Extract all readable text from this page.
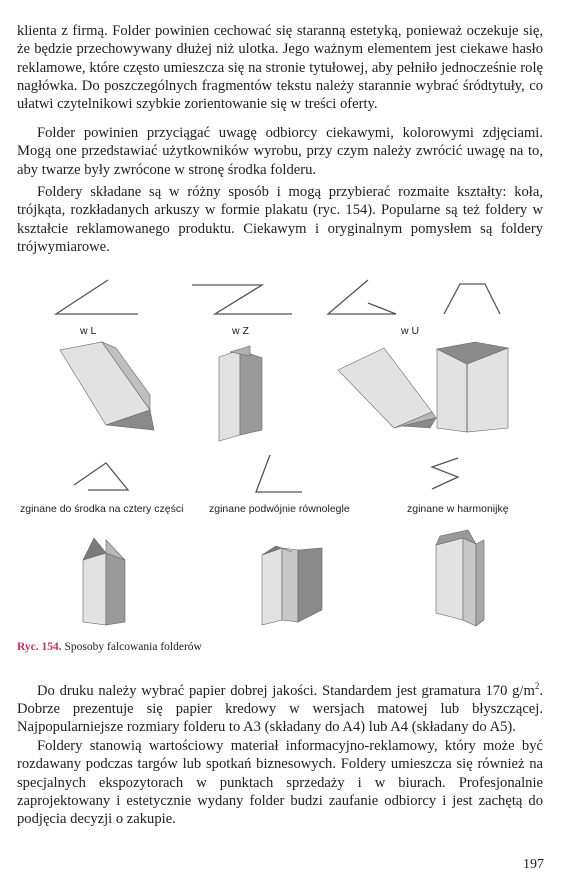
klienta z firmą. Folder powinien cechować się staranną estetyką, ponieważ oczekuje się, że będzie przechowywany dłużej niż ulotka. Jego ważnym elementem jest ciekawe hasło reklamowe, które często umieszcza się na stronie tytułowej, aby pełniło jednocześnie rolę nagłówka. Do poszczególnych fragmentów tekstu należy starannie wybrać śródtytuły, co ułatwi czytelnikowi szybkie zorientowanie się w treści oferty.

Folder powinien przyciągać uwagę odbiorcy ciekawymi, kolorowymi zdjęciami. Mogą one przedstawiać użytkowników wyrobu, przy czym należy zwrócić uwagę na to, aby twarze były zwrócone w stronę środka folderu.

Foldery składane są w różny sposób i mogą przybierać rozmaite kształty: koła, trójkąta, rozkładanych arkuszy w formie plakatu (ryc. 154). Popularne są też foldery w kształcie reklamowanego produktu. Ciekawym i oryginalnym pomysłem są foldery trójwymiarowe.

w L	w Z	w U
zginane do środka na cztery części zginane podwójnie równolegle	zginane w harmonijkę
Ryc. 154. Sposoby falcowania folderów

Do druku należy wybrać papier dobrej jakości. Standardem jest gramatura 170 $g/m^2$. Dobrze prezentuje się papier kredowy w wersjach matowej lub błyszczącej. Najpopularniejsze rozmiary folderu to A3 (składany do A4) lub A4 (składany do A5).

Foldery stanowią wartościowy materiał informacyjno-reklamowy, który może być rozdawany podczas targów lub spotkań biznesowych. Foldery umieszcza się również na specjalnych ekspozytorach w punktach sprzedaży i w biurach. Profesjonalnie zaprojektowany i estetycznie wydany folder budzi zaufanie odbiorcy i jest zachętą do podjęcia decyzji o zakupie.

197
